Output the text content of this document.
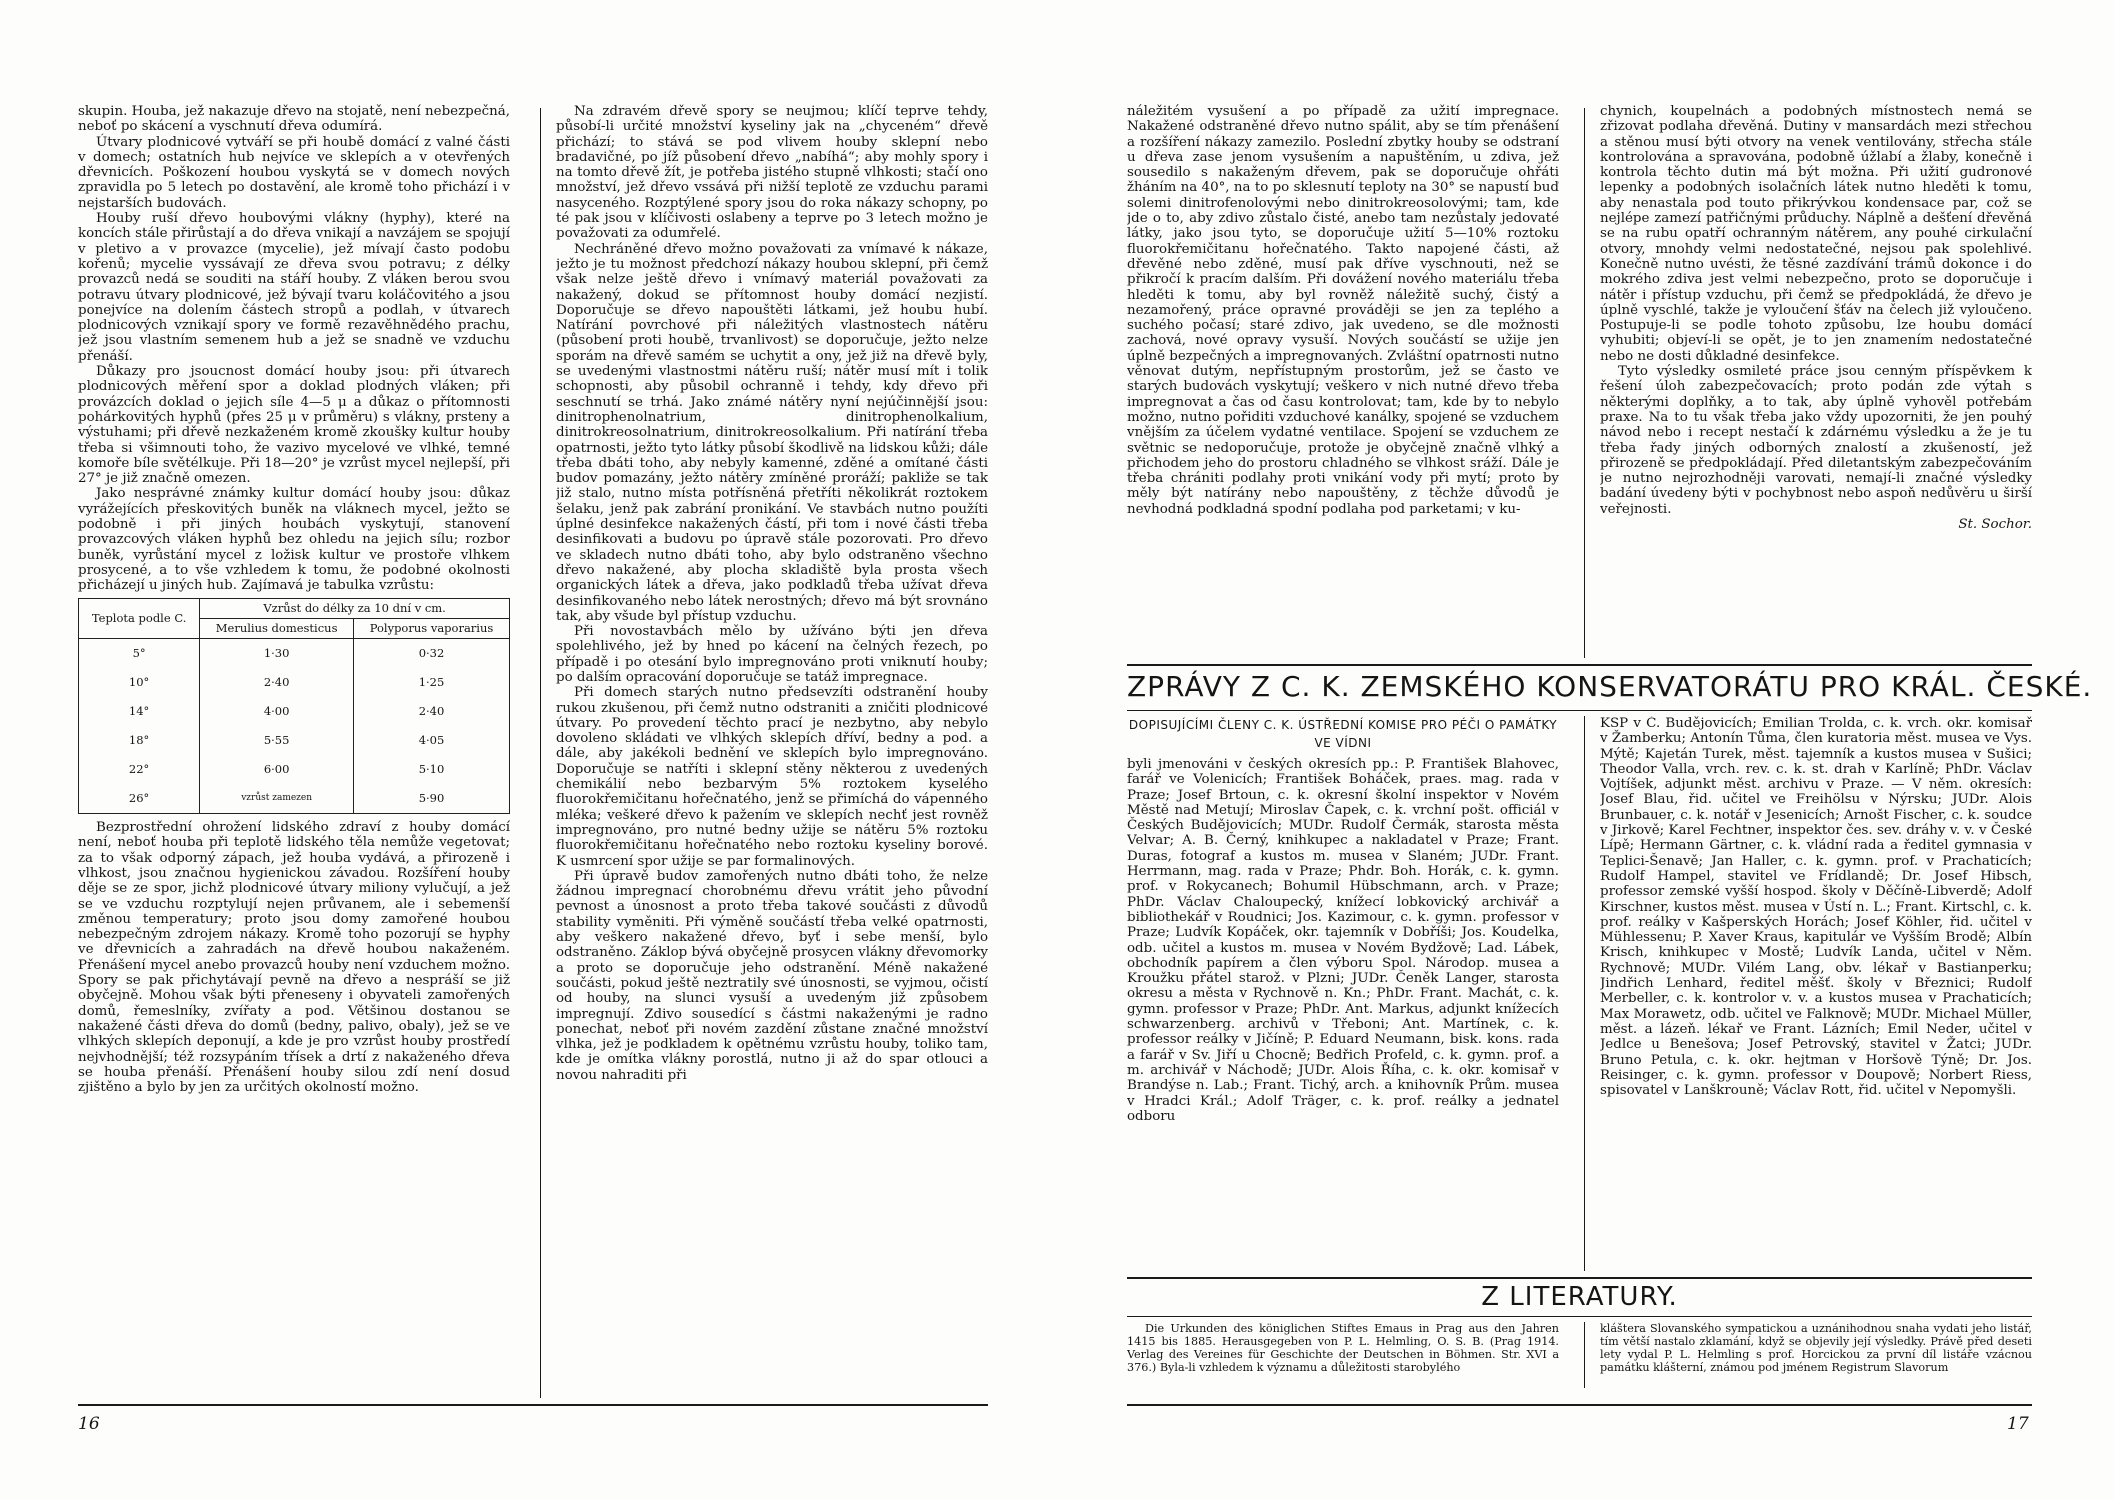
skupin. Houba, jež nakazuje dřevo na stojatě, není nebezpečná, neboť po skácení a vyschnutí dřeva odumírá.

Útvary plodnicové vytváří se při houbě domácí z valné části v domech; ostatních hub nejvíce ve sklepích a v otevřených dřevnicích. Poškození houbou vyskytá se v domech nových zpravidla po 5 letech po dostavění, ale kromě toho přichází i v nejstarších budovách.

Houby ruší dřevo houbovými vlákny (hyphy), které na koncích stále přirůstají a do dřeva vnikají a navzájem se spojují v pletivo a v provazce (mycelie), jež mívají často podobu kořenů; mycelie vyssávají ze dřeva svou potravu; z délky provazců nedá se souditi na stáří houby. Z vláken berou svou potravu útvary plodnicové, jež bývají tvaru koláčovitého a jsou ponejvíce na dolením částech stropů a podlah, v útvarech plodnicových vznikají spory ve formě rezavěhnědého prachu, jež jsou vlastním semenem hub a jež se snadně ve vzduchu přenáší.

Důkazy pro jsoucnost domácí houby jsou: při útvarech plodnicových měření spor a doklad plodných vláken; při provázcích doklad o jejich síle 4—5 μ a důkaz o přítomnosti pohárkovitých hyphů (přes 25 μ v průměru) s vlákny, prsteny a výstuhami; při dřevě nezkaženém kromě zkoušky kultur houby třeba si všimnouti toho, že vazivo mycelové ve vlhké, temné komoře bíle světélkuje. Při 18—20° je vzrůst mycel nejlepší, při 27° je již značně omezen.

Jako nesprávné známky kultur domácí houby jsou: důkaz vyrážejících přeskovitých buněk na vláknech mycel, ježto se podobně i při jiných houbách vyskytují, stanovení provazcových vláken hyphů bez ohledu na jejich sílu; rozbor buněk, vyrůstání mycel z ložisk kultur ve prostoře vlhkem prosycené, a to vše vzhledem k tomu, že podobné okolnosti přicházejí u jiných hub. Zajímavá je tabulka vzrůstu:

Teplota podle C.	Vzrůst do délky za 10 dní v cm.	
	Merulius domesticus	Polyporus vaporarius
5°	1·30	0·32
10°	2·40	1·25
14°	4·00	2·40
18°	5·55	4·05
22°	6·00	5·10
26°	vzrůst zamezen	5·90

Bezprostřední ohrožení lidského zdraví z houby domácí není, neboť houba při teplotě lidského těla nemůže vegetovat; za to však odporný zápach, jež houba vydává, a přirozeně i vlhkost, jsou značnou hygienickou závadou. Rozšíření houby děje se ze spor, jichž plodnicové útvary miliony vylučují, a jež se ve vzduchu rozptylují nejen průvanem, ale i sebemenší změnou temperatury; proto jsou domy zamořené houbou nebezpečným zdrojem nákazy. Kromě toho pozorují se hyphy ve dřevnicích a zahradách na dřevě houbou nakaženém. Přenášení mycel anebo provazců houby není vzduchem možno. Spory se pak přichytávají pevně na dřevo a nespráší se již obyčejně. Mohou však býti přeneseny i obyvateli zamořených domů, řemeslníky, zvířaty a pod. Většinou dostanou se nakažené části dřeva do domů (bedny, palivo, obaly), jež se ve vlhkých sklepích deponují, a kde je pro vzrůst houby prostředí nejvhodnější; též rozsypáním třísek a drtí z nakaženého dřeva se houba přenáší. Přenášení houby silou zdí není dosud zjištěno a bylo by jen za určitých okolností možno.

Na zdravém dřevě spory se neujmou; klíčí teprve tehdy, působí-li určité množství kyseliny jak na „chyceném“ dřevě přichází; to stává se pod vlivem houby sklepní nebo bradavičné, po jíž působení dřevo „nabíhá“; aby mohly spory i na tomto dřevě žít, je potřeba jistého stupně vlhkosti; stačí ono množství, jež dřevo vssává při nižší teplotě ze vzduchu parami nasyceného. Rozptýlené spory jsou do roka nákazy schopny, po té pak jsou v klíčivosti oslabeny a teprve po 3 letech možno je považovati za odumřelé.

Nechráněné dřevo možno považovati za vnímavé k nákaze, ježto je tu možnost předchozí nákazy houbou sklepní, při čemž však nelze ještě dřevo i vnímavý materiál považovati za nakažený, dokud se přítomnost houby domácí nezjistí. Doporučuje se dřevo napouštěti látkami, jež houbu hubí. Natírání povrchové při náležitých vlastnostech nátěru (působení proti houbě, trvanlivost) se doporučuje, ježto nelze sporám na dřevě samém se uchytit a ony, jež již na dřevě byly, se uvedenými vlastnostmi nátěru ruší; nátěr musí mít i tolik schopnosti, aby působil ochranně i tehdy, kdy dřevo při seschnutí se trhá. Jako známé nátěry nyní nejúčinnější jsou: dinitrophenolnatrium, dinitrophenolkalium, dinitrokreosolnatrium, dinitrokreosolkalium. Při natírání třeba opatrnosti, ježto tyto látky působí škodlivě na lidskou kůži; dále třeba dbáti toho, aby nebyly kamenné, zděné a omítané části budov pomazány, ježto nátěry zmíněné proráží; pakliže se tak již stalo, nutno místa potřísněná přetříti několikrát roztokem šelaku, jenž pak zabrání pronikání. Ve stavbách nutno použíti úplné desinfekce nakažených částí, při tom i nové části třeba desinfikovati a budovu po úpravě stále pozorovati. Pro dřevo ve skladech nutno dbáti toho, aby bylo odstraněno všechno dřevo nakažené, aby plocha skladiště byla prosta všech organických látek a dřeva, jako podkladů třeba užívat dřeva desinfikovaného nebo látek nerostných; dřevo má být srovnáno tak, aby všude byl přístup vzduchu.

Při novostavbách mělo by užíváno býti jen dřeva spolehlivého, jež by hned po kácení na čelných řezech, po případě i po otesání bylo impregnováno proti vniknutí houby; po dalším opracování doporučuje se tatáž impregnace.

Při domech starých nutno předsevzíti odstranění houby rukou zkušenou, při čemž nutno odstraniti a zničiti plodnicové útvary. Po provedení těchto prací je nezbytno, aby nebylo dovoleno skládati ve vlhkých sklepích dříví, bedny a pod. a dále, aby jakékoli bednění ve sklepích bylo impregnováno. Doporučuje se natříti i sklepní stěny některou z uvedených chemikálií nebo bezbarvým 5% roztokem kyselého fluorokřemičitanu hořečnatého, jenž se přimíchá do vápenného mléka; veškeré dřevo k pažením ve sklepích nechť jest rovněž impregnováno, pro nutné bedny užije se nátěru 5% roztoku fluorokřemičitanu hořečnatého nebo roztoku kyseliny borové. K usmrcení spor užije se par formalinových.

Při úpravě budov zamořených nutno dbáti toho, že nelze žádnou impregnací chorobnému dřevu vrátit jeho původní pevnost a únosnost a proto třeba takové součásti z důvodů stability vyměniti. Při výměně součástí třeba velké opatrnosti, aby veškero nakažené dřevo, byť i sebe menší, bylo odstraněno. Záklop bývá obyčejně prosycen vlákny dřevomorky a proto se doporučuje jeho odstranění. Méně nakažené součásti, pokud ještě neztratily své únosnosti, se vyjmou, očistí od houby, na slunci vysuší a uvedeným již způsobem impregnují. Zdivo sousedící s částmi nakaženými je radno ponechat, neboť při novém zazdění zůstane značné množství vlhka, jež je podkladem k opětnému vzrůstu houby, tolikо tam, kde je omítka vlákny porostlá, nutno ji až do spar otlouci a novou nahraditi při

16

náležitém vysušení a po případě za užití impregnace. Nakažené odstraněné dřevo nutno spálit, aby se tím přenášení a rozšíření nákazy zamezilo. Poslední zbytky houby se odstraní u dřeva zase jenom vysušením a napuštěním, u zdiva, jež sousedilo s nakaženým dřevem, pak se doporučuje ohřáti žháním na 40°, na to po sklesnutí teploty na 30° se napustí buď solemi dinitrofenolovými nebo dinitrokreosolovými; tam, kde jde o to, aby zdivo zůstalo čisté, anebo tam nezůstaly jedovaté látky, jako jsou tyto, se doporučuje užití 5—10% roztoku fluorokřemičitanu hořečnatého. Takto napojené části, až dřevěné nebo zděné, musí pak dříve vyschnouti, než se přikročí k pracím dalším. Při dovážení nového materiálu třeba hleděti k tomu, aby byl rovněž náležitě suchý, čistý a nezamořený, práce opravné prováději se jen za teplého a suchého počasí; staré zdivo, jak uvedeno, se dle možnosti zachová, nové opravy vysuší. Nových součástí se užije jen úplně bezpečných a impregnovaných. Zvláštní opatrnosti nutno věnovat dutým, nepřístupným prostorům, jež se často ve starých budovách vyskytují; veškero v nich nutné dřevo třeba impregnovat a čas od času kontrolovat; tam, kde by to nebylo možno, nutno pořiditi vzduchové kanálky, spojené se vzduchem vnějším za účelem vydatné ventilace. Spojení se vzduchem ze světnic se nedoporučuje, protože je obyčejně značně vlhký a přichodem jeho do prostoru chladného se vlhkost sráží. Dále je třeba chrániti podlahy proti vnikání vody při mytí; proto by měly být natírány nebo napouštěny, z těchže důvodů je nevhodná podkladná spodní podlaha pod parketami; v ku-

chynich, koupelnách a podobných místnostech nemá se zřizovat podlaha dřevěná. Dutiny v mansardách mezi střechou a stěnou musí býti otvory na venek ventilovány, střecha stále kontrolována a spravována, podobně úžlabí a žlaby, konečně i kontrola těchto dutin má být možna. Při užití gudronové lepenky a podobných isolačních látek nutno hleděti k tomu, aby nenastala pod touto přikrývkou kondensace par, což se nejlépe zamezí patřičnými průduchy. Náplně a dešťení dřevěná se na rubu opatří ochranným nátěrem, any pouhé cirkulační otvory, mnohdy velmi nedostatečné, nejsou pak spolehlivé. Konečně nutno uvésti, že těsné zazdívání trámů dokonce i do mokrého zdiva jest velmi nebezpečno, proto se doporučuje i nátěr i přístup vzduchu, při čemž se předpokládá, že dřevo je úplně vyschlé, takže je vyloučení šťáv na čelech již vyloučeno. Postupuje-li se podle tohoto způsobu, lze houbu domácí vyhubiti; objeví-li se opět, je to jen znamením nedostatečné nebo ne dosti důkladné desinfekce.

Tyto výsledky osmileté práce jsou cenným příspěvkem k řešení úloh zabezpečovacích; proto podán zde výtah s některými doplňky, a to tak, aby úplně vyhověl potřebám praxe. Na to tu však třeba jako vždy upozorniti, že jen pouhý návod nebo i recept nestačí k zdárnému výsledku a že je tu třeba řady jiných odborných znalostí a zkušeností, jež přirozeně se předpokládají. Před diletantským zabezpečováním je nutno nejrozhodněji varovati, nemají-li značné výsledky badání úvedeny býti v pochybnost nebo aspoň nedůvěru u širší veřejnosti.

St. Sochor.
ZPRÁVY Z C. K. ZEMSKÉHO KONSERVATORÁTU PRO KRÁL. ČESKÉ.
DOPISUJÍCÍMI ČLENY C. K. ÚSTŘEDNÍ KOMISE PRO PÉČI O PAMÁTKY VE VÍDNI

byli jmenováni v českých okresích pp.: P. František Blahovec, farář ve Volenicích; František Boháček, praes. mag. rada v Praze; Josef Brtoun, c. k. okresní školní inspektor v Novém Městě nad Metují; Miroslav Čapek, c. k. vrchní pošt. officiál v Českých Budějovicích; MUDr. Rudolf Čermák, starosta města Velvar; A. B. Černý, knihkupec a nakladatel v Praze; Frant. Duras, fotograf a kustos m. musea v Slaném; JUDr. Frant. Herrmann, mag. rada v Praze; Phdr. Boh. Horák, c. k. gymn. prof. v Rokycanech; Bohumil Hübschmann, arch. v Praze; PhDr. Václav Chaloupecký, knížecí lobkovický archivář a bibliothekář v Roudnici; Jos. Kazimour, c. k. gymn. professor v Praze; Ludvík Kopáček, okr. tajemník v Dobříši; Jos. Koudelka, odb. učitel a kustos m. musea v Novém Bydžově; Lad. Lábek, obchodník papírem a člen výboru Spol. Národop. musea a Kroužku přátel starož. v Plzni; JUDr. Čeněk Langer, starosta okresu a města v Rychnově n. Kn.; PhDr. Frant. Machát, c. k. gymn. professor v Praze; PhDr. Ant. Markus, adjunkt knížecích schwarzenberg. archivů v Třeboni; Ant. Martínek, c. k. professor reálky v Jičíně; P. Eduard Neumann, bisk. kons. rada a farář v Sv. Jiří u Chocně; Bedřich Profeld, c. k. gymn. prof. a m. archivář v Náchodě; JUDr. Alois Říha, c. k. okr. komisař v Brandýse n. Lab.; Frant. Tichý, arch. a knihovník Prům. musea v Hradci Král.; Adolf Träger, c. k. prof. reálky a jednatel odboru

KSP v Č. Budějovicích; Emilian Trolda, c. k. vrch. okr. komisař v Žamberku; Antonín Tůma, člen kuratoria měst. musea ve Vys. Mýtě; Kajetán Turek, měst. tajemník a kustos musea v Sušici; Theodor Valla, vrch. rev. c. k. st. drah v Karlíně; PhDr. Václav Vojtíšek, adjunkt měst. archivu v Praze. — V něm. okresích: Josef Blau, řid. učitel ve Freihölsu v Nýrsku; JUDr. Alois Brunbauer, c. k. notář v Jesenicích; Arnošt Fischer, c. k. soudce v Jirkově; Karel Fechtner, inspektor čes. sev. dráhy v. v. v České Lípě; Hermann Gärtner, c. k. vládní rada a ředitel gymnasia v Teplici-Šenavě; Jan Haller, c. k. gymn. prof. v Prachaticích; Rudolf Hampel, stavitel ve Frídlandě; Dr. Josef Hibsch, professor zemské vyšší hospod. školy v Děčíně-Libverdě; Adolf Kirschner, kustos měst. musea v Ústí n. L.; Frant. Kirtschl, c. k. prof. reálky v Kašperských Horách; Josef Köhler, řid. učitel v Mühlessenu; P. Xaver Kraus, kapitulár ve Vyšším Brodě; Albín Krisch, knihkupec v Mostě; Ludvík Landa, učitel v Něm. Rychnově; MUDr. Vilém Lang, obv. lékař v Bastianperku; Jindřich Lenhard, ředitel měšť. školy v Březnici; Rudolf Merbeller, c. k. kontrolor v. v. a kustos musea v Prachaticích; Max Morawetz, odb. učitel ve Falknově; MUDr. Michael Müller, měst. a lázeň. lékař ve Frant. Lázních; Emil Neder, učitel v Jedlce u Benešova; Josef Petrovský, stavitel v Žatci; JUDr. Bruno Petula, c. k. okr. hejtman v Horšově Týně; Dr. Jos. Reisinger, c. k. gymn. professor v Doupově; Norbert Riess, spisovatel v Lanškrouně; Václav Rott, řid. učitel v Nepomyšli.

Z LITERATURY.

Die Urkunden des königlichen Stiftes Emaus in Prag aus den Jahren 1415 bis 1885. Herausgegeben von P. L. Helmling, O. S. B. (Prag 1914. Verlag des Vereines für Geschichte der Deutschen in Böhmen. Str. XVI a 376.) Byla-li vzhledem k významu a důležitosti starobylého

kláštera Slovanského sympatickou a uznánihodnou snaha vydati jeho listář, tím větší nastalo zklamání, když se objevily její výsledky. Právě před deseti lety vydal P. L. Helmling s prof. Horcickou za první díl listáře vzácnou památku klášterní, známou pod jménem Registrum Slavorum

17
